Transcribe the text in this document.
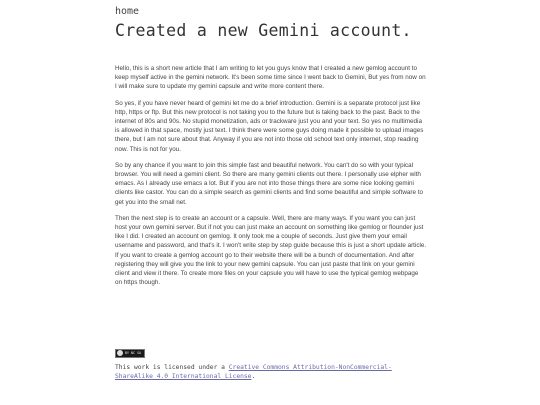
home
Created a new Gemini account.

Hello, this is a short new article that I am writing to let you guys know that I created a new gemlog account to keep myself active in the gemini network. It's been some time since I went back to Gemini, But yes from now on I will make sure to update my gemini capsule and write more content there.

So yes, if you have never heard of gemini let me do a brief introduction. Gemini is a separate protocol just like http, https or ftp. But this new protocol is not taking you to the future but is taking back to the past. Back to the internet of 80s and 90s. No stupid monetization, ads or trackware just you and your text. So yes no multimedia is allowed in that space, mostly just text. I think there were some guys doing made it possible to upload images there, but I am not sure about that. Anyway if you are not into those old school text only internet, stop reading now. This is not for you.

So by any chance if you want to join this simple fast and beautiful network. You can't do so with your typical browser. You will need a gemini client. So there are many gemini clients out there. I personally use elpher with emacs. As I already use emacs a lot. But if you are not into those things there are some nice looking gemini clients like castor. You can do a simple search as gemini clients and find some beautiful and simple software to get you into the small net.

Then the next step is to create an account or a capsule. Well, there are many ways. If you want you can just host your own gemini server. But if not you can just make an account on something like gemlog or flounder just like I did. I created an account on gemlog. It only took me a couple of seconds. Just give them your email username and password, and that's it. I won't write step by step guide because this is just a short update article. If you want to create a gemlog account go to their website there will be a bunch of documentation. And after registering they will give you the link to your new gemini capsule. You can just paste that link on your gemini client and view it there. To create more files on your capsule you will have to use the typical gemlog webpage on https though.

BY NC SA
This work is licensed under a Creative Commons Attribution-NonCommercial-ShareAlike 4.0 International License.
